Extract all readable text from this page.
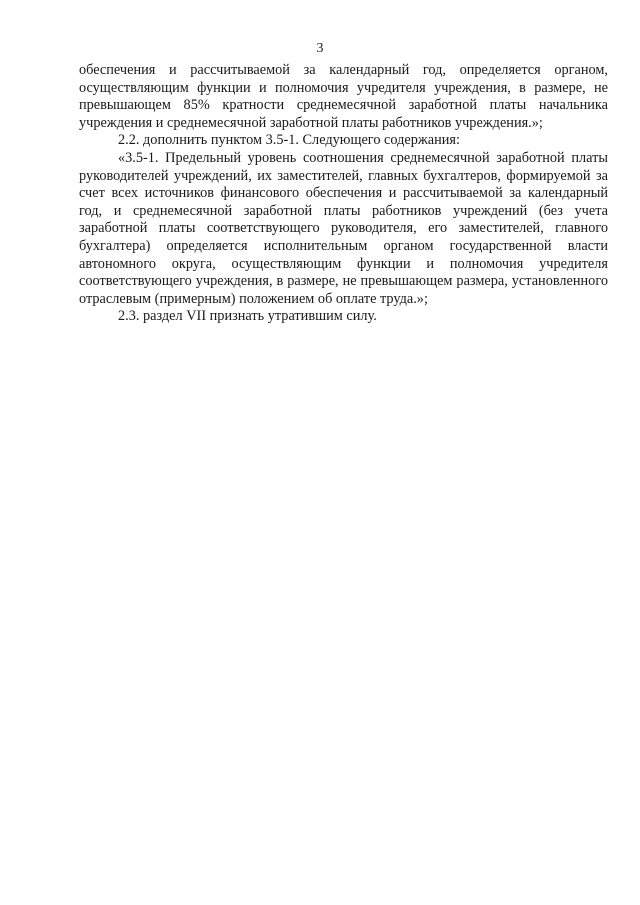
3

обеспечения и рассчитываемой за календарный год, определяется органом, осуществляющим функции и полномочия учредителя учреждения, в размере, не превышающем 85% кратности среднемесячной заработной платы начальника учреждения и среднемесячной заработной платы работников учреждения.»;

2.2. дополнить пунктом 3.5-1. Следующего содержания:

«3.5-1. Предельный уровень соотношения среднемесячной заработной платы руководителей учреждений, их заместителей, главных бухгалтеров, формируемой за счет всех источников финансового обеспечения и рассчитываемой за календарный год, и среднемесячной заработной платы работников учреждений (без учета заработной платы соответствующего руководителя, его заместителей, главного бухгалтера) определяется исполнительным органом государственной власти автономного округа, осуществляющим функции и полномочия учредителя соответствующего учреждения, в размере, не превышающем размера, установленного отраслевым (примерным) положением об оплате труда.»;

2.3. раздел VII признать утратившим силу.
